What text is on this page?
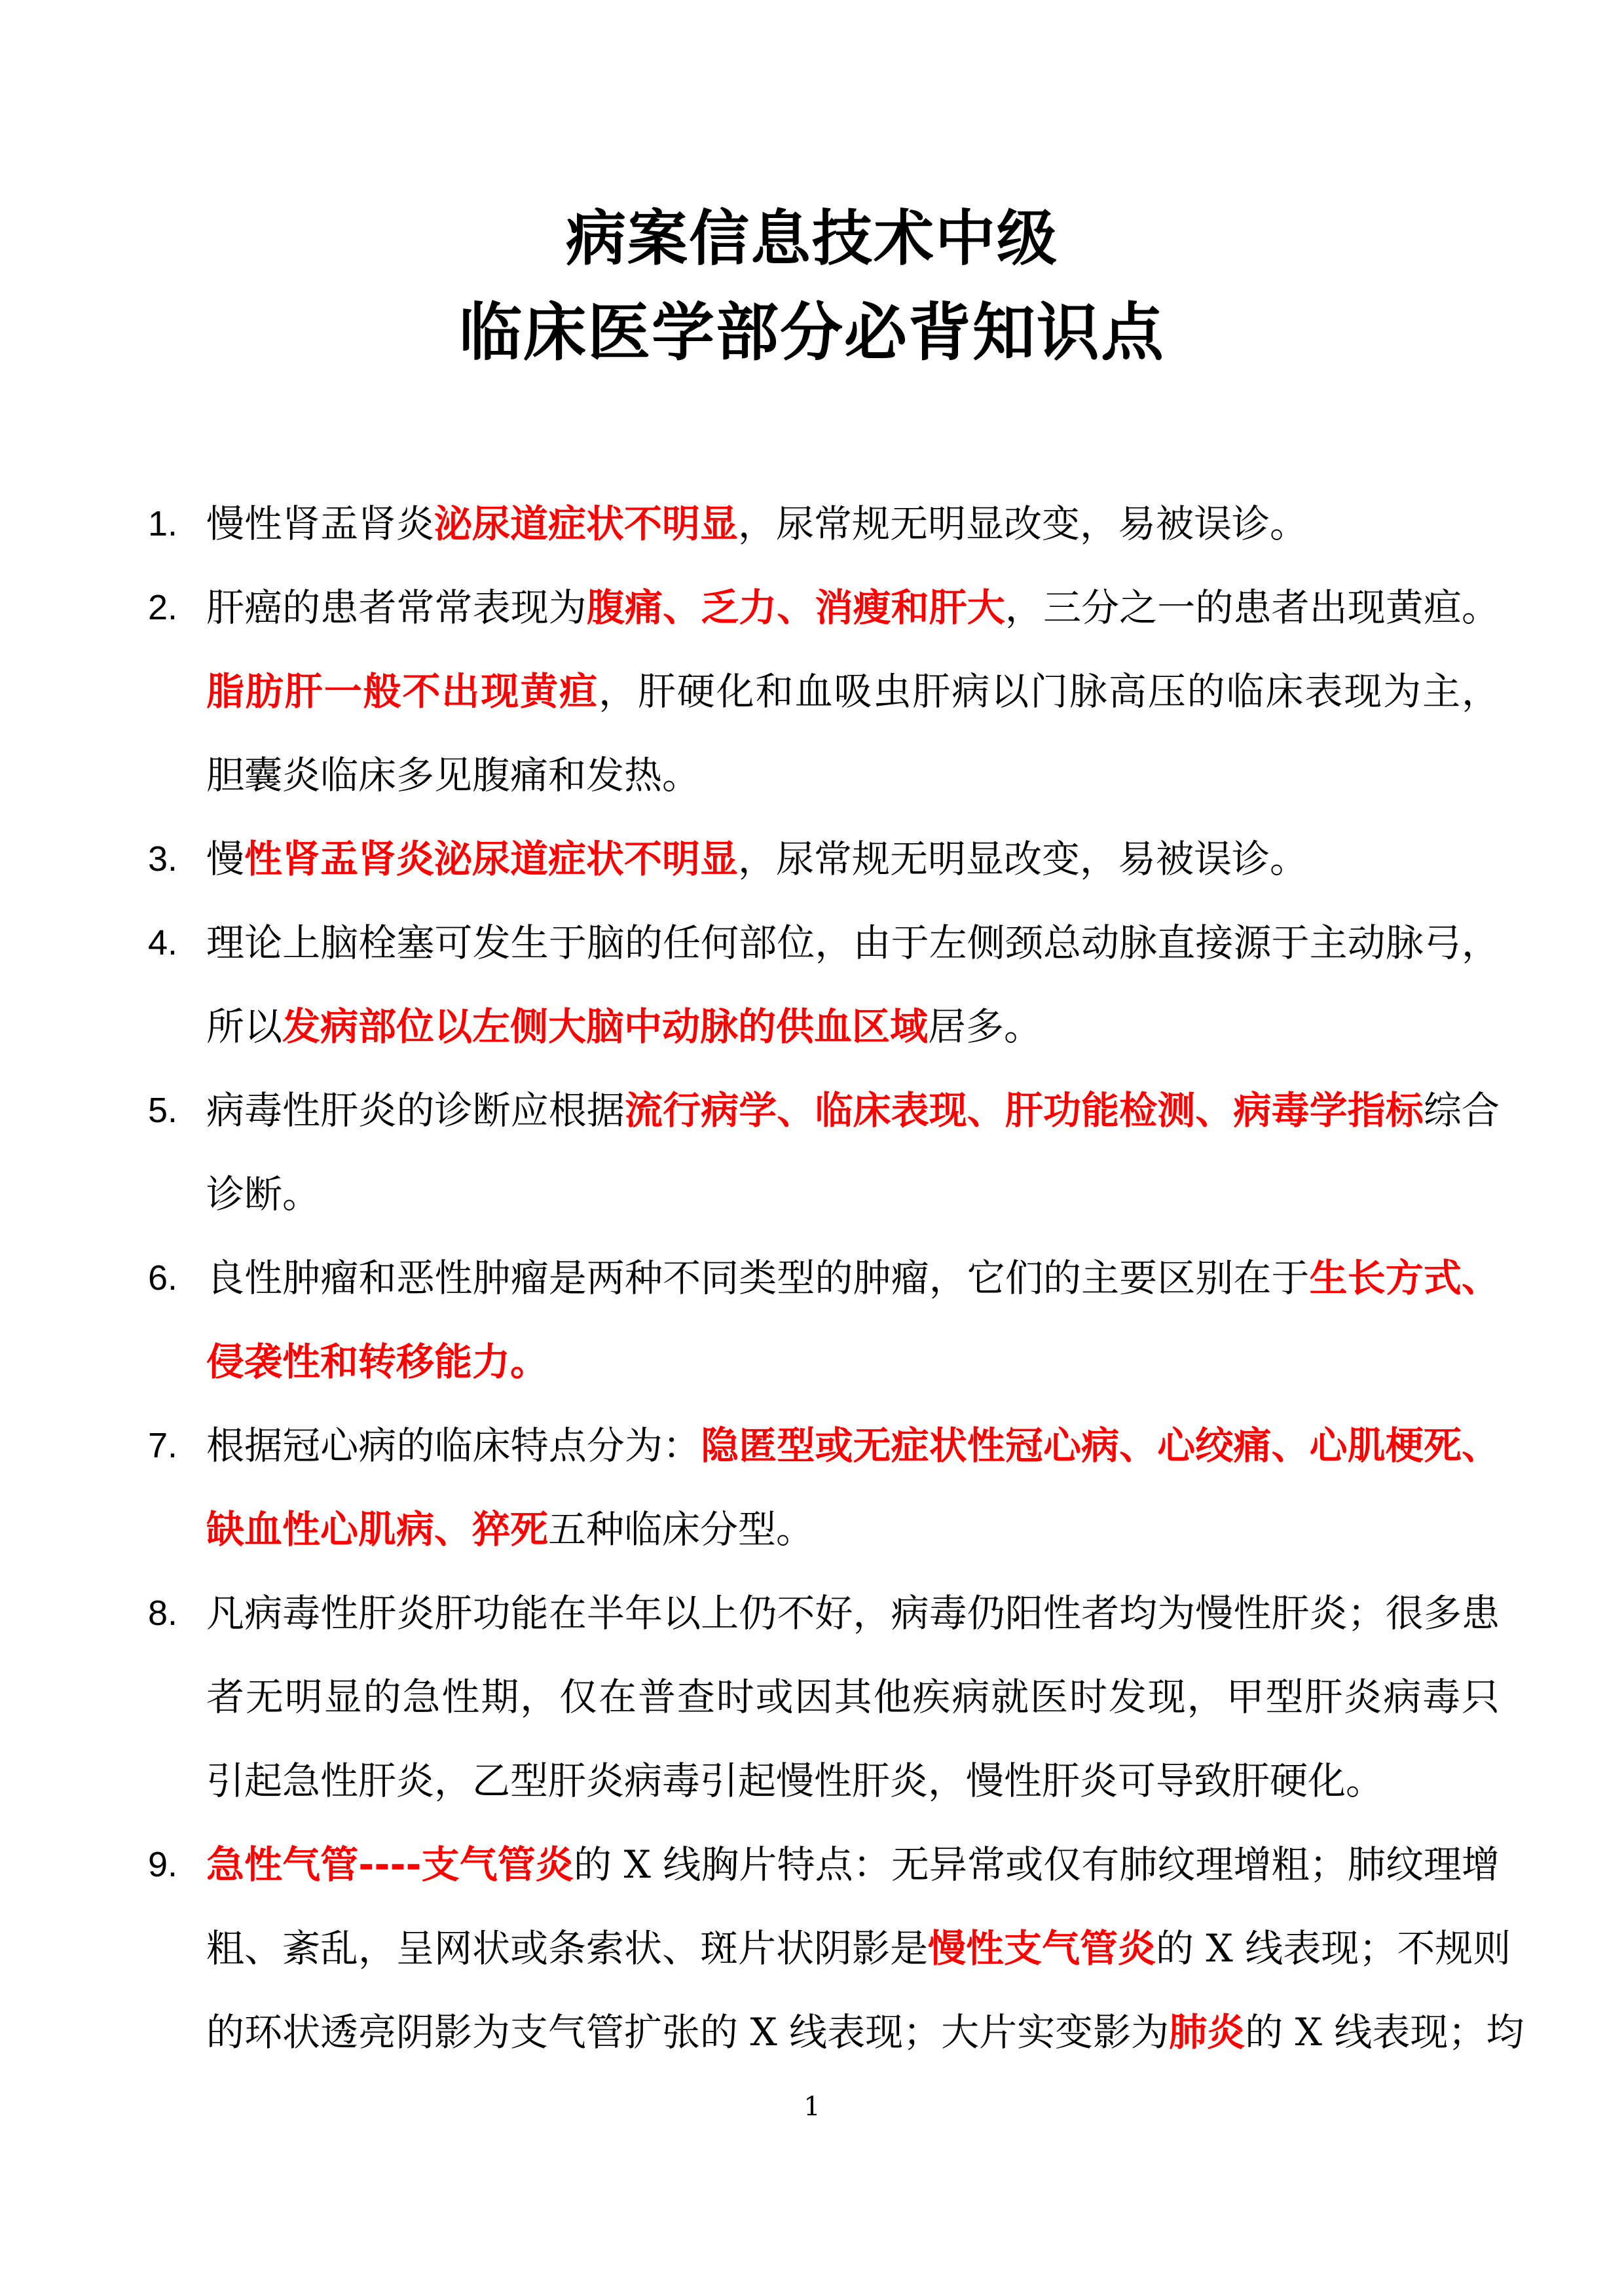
病案信息技术中级
临床医学部分必背知识点
1. 慢性肾盂肾炎泌尿道症状不明显，尿常规无明显改变，易被误诊。
2. 肝癌的患者常常表现为腹痛、乏力、消瘦和肝大，三分之一的患者出现黄疸。
脂肪肝一般不出现黄疸，肝硬化和血吸虫肝病以门脉高压的临床表现为主，
胆囊炎临床多见腹痛和发热。
3. 慢性肾盂肾炎泌尿道症状不明显，尿常规无明显改变，易被误诊。
4. 理论上脑栓塞可发生于脑的任何部位，由于左侧颈总动脉直接源于主动脉弓，
所以发病部位以左侧大脑中动脉的供血区域居多。
5. 病毒性肝炎的诊断应根据流行病学、临床表现、肝功能检测、病毒学指标综合
诊断。
6. 良性肿瘤和恶性肿瘤是两种不同类型的肿瘤，它们的主要区别在于生长方式、
侵袭性和转移能力。
7. 根据冠心病的临床特点分为：隐匿型或无症状性冠心病、心绞痛、心肌梗死、
缺血性心肌病、猝死五种临床分型。
8. 凡病毒性肝炎肝功能在半年以上仍不好，病毒仍阳性者均为慢性肝炎；很多患
者无明显的急性期，仅在普查时或因其他疾病就医时发现，甲型肝炎病毒只
引起急性肝炎，乙型肝炎病毒引起慢性肝炎，慢性肝炎可导致肝硬化。
9. 急性气管----支气管炎的 X 线胸片特点：无异常或仅有肺纹理增粗；肺纹理增
粗、紊乱，呈网状或条索状、斑片状阴影是慢性支气管炎的 X 线表现；不规则
的环状透亮阴影为支气管扩张的 X 线表现；大片实变影为肺炎的 X 线表现；均
1
